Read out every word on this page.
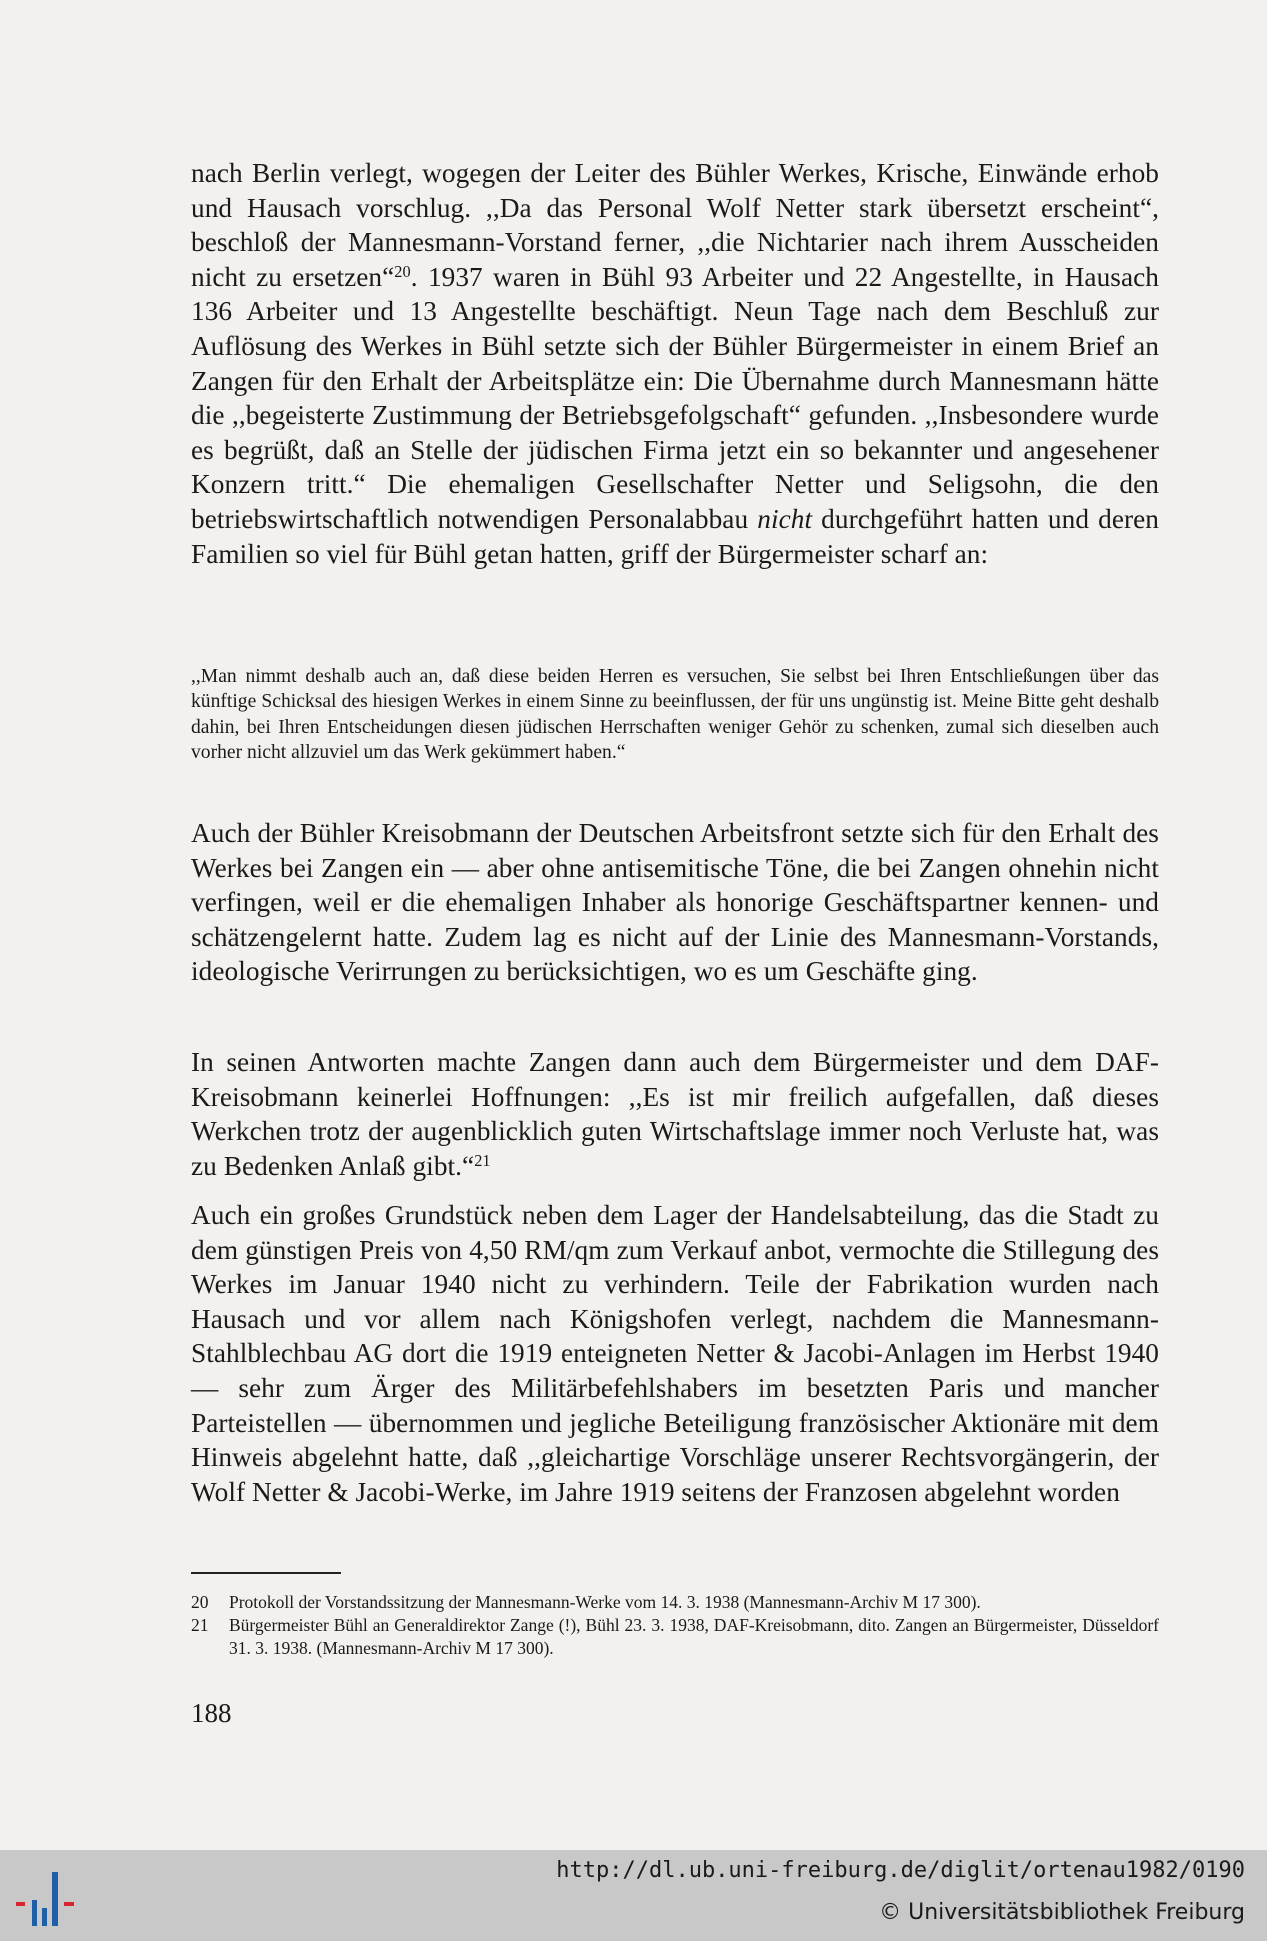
nach Berlin verlegt, wogegen der Leiter des Bühler Werkes, Krische, Einwände erhob und Hausach vorschlug. ,,Da das Personal Wolf Netter stark übersetzt erscheint“, beschloß der Mannesmann-Vorstand ferner, ,,die Nichtarier nach ihrem Ausscheiden nicht zu ersetzen“$^{20}$. 1937 waren in Bühl 93 Arbeiter und 22 Angestellte, in Hausach 136 Arbeiter und 13 Angestellte beschäftigt. Neun Tage nach dem Beschluß zur Auflösung des Werkes in Bühl setzte sich der Bühler Bürgermeister in einem Brief an Zangen für den Erhalt der Arbeitsplätze ein: Die Übernahme durch Mannesmann hätte die ,,begeisterte Zustimmung der Betriebsgefolgschaft“ gefunden. ,,Insbesondere wurde es begrüßt, daß an Stelle der jüdischen Firma jetzt ein so bekannter und angesehener Konzern tritt.“ Die ehemaligen Gesellschafter Netter und Seligsohn, die den betriebswirtschaftlich notwendigen Personalabbau nicht durchgeführt hatten und deren Familien so viel für Bühl getan hatten, griff der Bürgermeister scharf an:
,,Man nimmt deshalb auch an, daß diese beiden Herren es versuchen, Sie selbst bei Ihren Entschließungen über das künftige Schicksal des hiesigen Werkes in einem Sinne zu beeinflussen, der für uns ungünstig ist. Meine Bitte geht deshalb dahin, bei Ihren Entscheidungen diesen jüdischen Herrschaften weniger Gehör zu schenken, zumal sich dieselben auch vorher nicht allzuviel um das Werk gekümmert haben.“
Auch der Bühler Kreisobmann der Deutschen Arbeitsfront setzte sich für den Erhalt des Werkes bei Zangen ein — aber ohne antisemitische Töne, die bei Zangen ohnehin nicht verfingen, weil er die ehemaligen Inhaber als honorige Geschäftspartner kennen- und schätzengelernt hatte. Zudem lag es nicht auf der Linie des Mannesmann-Vorstands, ideologische Verirrungen zu berücksichtigen, wo es um Geschäfte ging.
In seinen Antworten machte Zangen dann auch dem Bürgermeister und dem DAF-Kreisobmann keinerlei Hoffnungen: ,,Es ist mir freilich aufgefallen, daß dieses Werkchen trotz der augenblicklich guten Wirtschaftslage immer noch Verluste hat, was zu Bedenken Anlaß gibt.“$^{21}$
Auch ein großes Grundstück neben dem Lager der Handelsabteilung, das die Stadt zu dem günstigen Preis von 4,50 RM/qm zum Verkauf anbot, vermochte die Stillegung des Werkes im Januar 1940 nicht zu verhindern. Teile der Fabrikation wurden nach Hausach und vor allem nach Königshofen verlegt, nachdem die Mannesmann-Stahlblechbau AG dort die 1919 enteigneten Netter & Jacobi-Anlagen im Herbst 1940 — sehr zum Ärger des Militärbefehlshabers im besetzten Paris und mancher Parteistellen — übernommen und jegliche Beteiligung französischer Aktionäre mit dem Hinweis abgelehnt hatte, daß ,,gleichartige Vorschläge unserer Rechtsvorgängerin, der Wolf Netter & Jacobi-Werke, im Jahre 1919 seitens der Franzosen abgelehnt worden
20	Protokoll der Vorstandssitzung der Mannesmann-Werke vom 14. 3. 1938 (Mannesmann-Archiv M 17 300).
21	Bürgermeister Bühl an Generaldirektor Zange (!), Bühl 23. 3. 1938, DAF-Kreisobmann, dito. Zangen an Bürgermeister, Düsseldorf 31. 3. 1938. (Mannesmann-Archiv M 17 300).
188
http://dl.ub.uni-freiburg.de/diglit/ortenau1982/0190
© Universitätsbibliothek Freiburg
